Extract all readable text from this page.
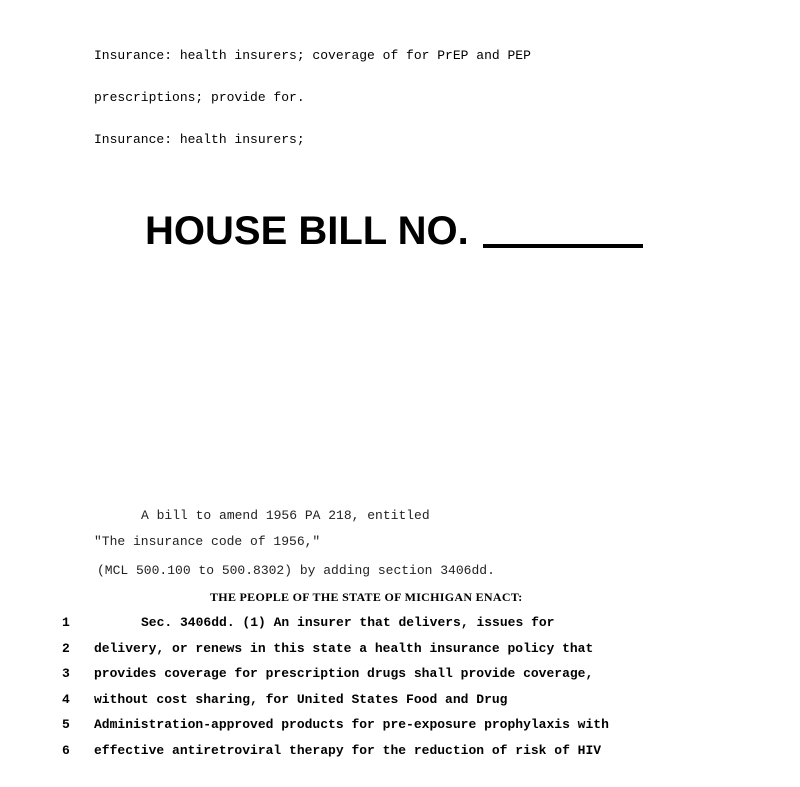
Insurance: health insurers; coverage of for PrEP and PEP

prescriptions; provide for.

Insurance: health insurers;

HOUSE BILL NO.
A bill to amend 1956 PA 218, entitled
"The insurance code of 1956,"
(MCL 500.100 to 500.8302) by adding section 3406dd.
THE PEOPLE OF THE STATE OF MICHIGAN ENACT:
1	Sec. 3406dd. (1) An insurer that delivers, issues for
2 delivery, or renews in this state a health insurance policy that
3 provides coverage for prescription drugs shall provide coverage,
4 without cost sharing, for United States Food and Drug
5 Administration-approved products for pre-exposure prophylaxis with
6 effective antiretroviral therapy for the reduction of risk of HIV
